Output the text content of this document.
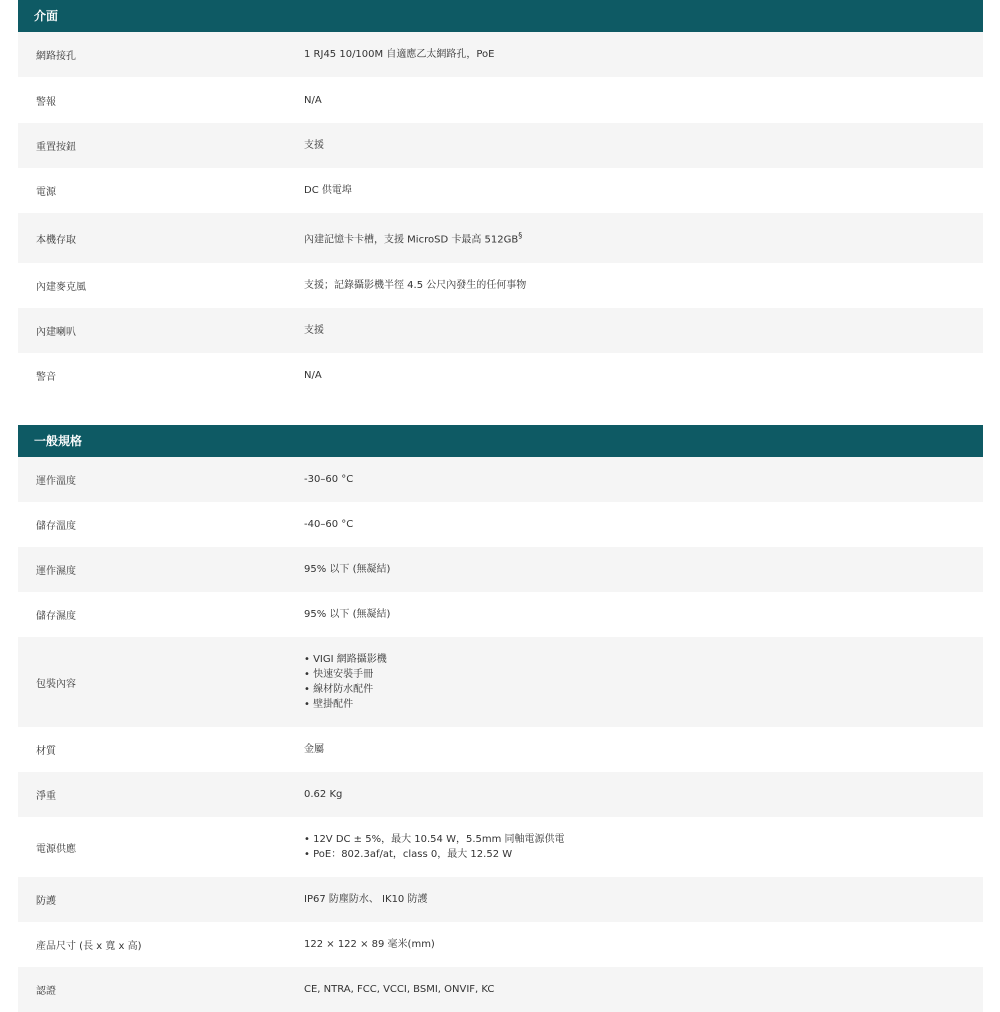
介面
網路接孔	1 RJ45 10/100M 自適應乙太網路孔，PoE
警報	N/A
重置按鈕	支援
電源	DC 供電埠
本機存取	內建記憶卡卡槽，支援 MicroSD 卡最高 512GB§
內建麥克風	支援；記錄攝影機半徑 4.5 公尺內發生的任何事物
內建喇叭	支援
警音	N/A
一般規格
運作溫度	-30–60 °C
儲存溫度	-40–60 °C
運作濕度	95% 以下 (無凝結)
儲存濕度	95% 以下 (無凝結)
包裝內容
• VIGI 網路攝影機
• 快速安裝手冊
• 線材防水配件
• 壁掛配件
材質	金屬
淨重	0.62 Kg
電源供應
• 12V DC ± 5%，最大 10.54 W，5.5mm 同軸電源供電
• PoE：802.3af/at，class 0，最大 12.52 W
防護	IP67 防塵防水、 IK10 防護
產品尺寸 (長 x 寬 x 高)	122 × 122 × 89 毫米(mm)
認證	CE, NTRA, FCC, VCCI, BSMI, ONVIF, KC
